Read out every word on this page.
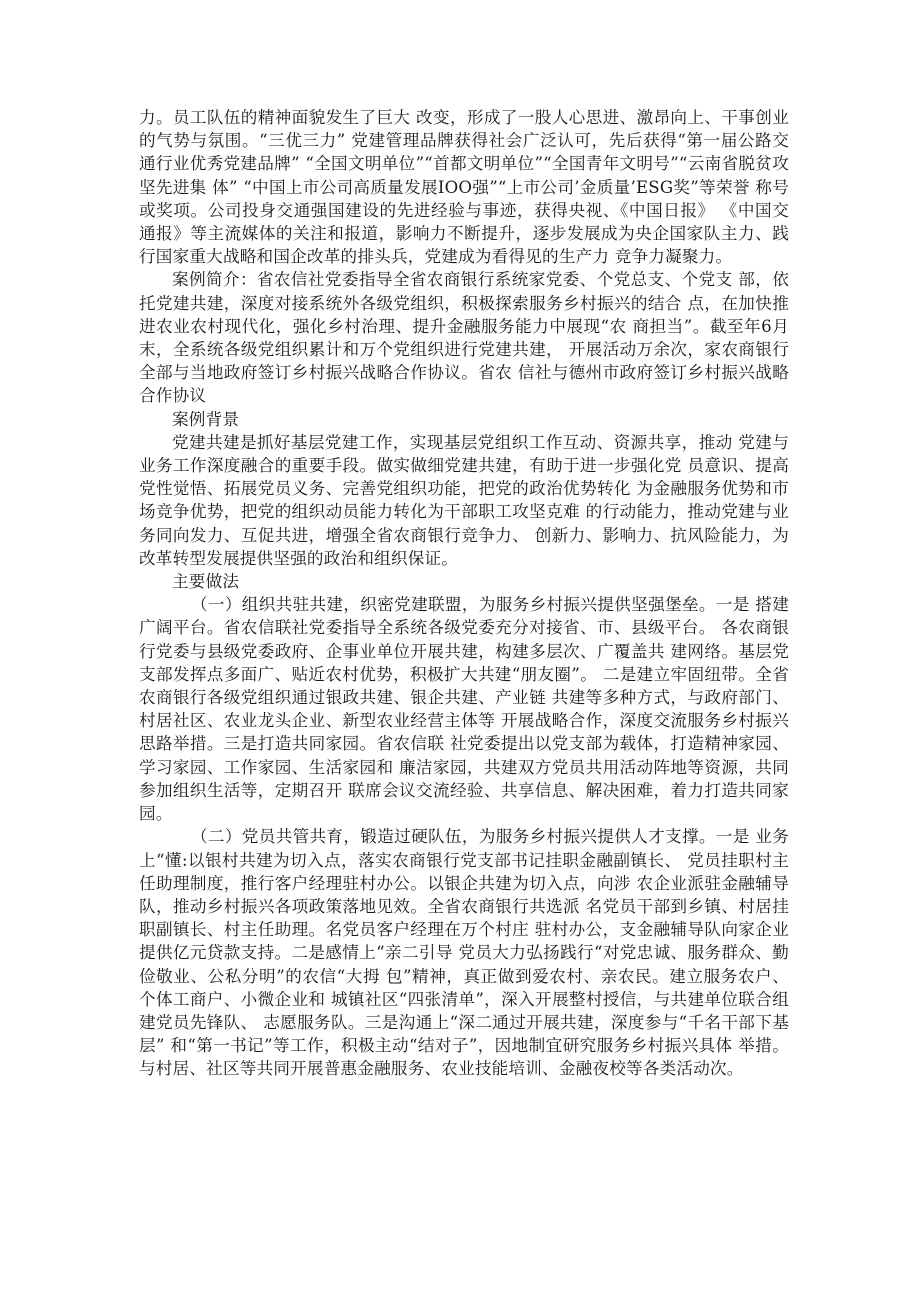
力。员工队伍的精神面貌发生了巨大 改变，形成了一股人心思进、激昂向上、干事创业的气势与氛围。“三优三力” 党建管理品牌获得社会广泛认可，先后获得“第一届公路交通行业优秀党建品牌” “全国文明单位”“首都文明单位”“全国青年文明号”“云南省脱贫攻坚先进集 体” “中国上市公司高质量发展IOO强”“上市公司’金质量’ESG奖”等荣誉 称号或奖项。公司投身交通强国建设的先进经验与事迹，获得央视、《中国日报》 《中国交通报》等主流媒体的关注和报道，影响力不断提升，逐步发展成为央企国家队主力、践行国家重大战略和国企改革的排头兵，党建成为看得见的生产力 竞争力凝聚力。

案例简介：省农信社党委指导全省农商银行系统家党委、个党总支、个党支 部，依托党建共建，深度对接系统外各级党组织，积极探索服务乡村振兴的结合 点，在加快推进农业农村现代化，强化乡村治理、提升金融服务能力中展现“农 商担当”。截至年6月末，全系统各级党组织累计和万个党组织进行党建共建， 开展活动万余次，家农商银行全部与当地政府签订乡村振兴战略合作协议。省农 信社与德州市政府签订乡村振兴战略合作协议

案例背景

党建共建是抓好基层党建工作，实现基层党组织工作互动、资源共享，推动 党建与业务工作深度融合的重要手段。做实做细党建共建，有助于进一步强化党 员意识、提高党性觉悟、拓展党员义务、完善党组织功能，把党的政治优势转化 为金融服务优势和市场竞争优势，把党的组织动员能力转化为干部职工攻坚克难 的行动能力，推动党建与业务同向发力、互促共进，增强全省农商银行竞争力、 创新力、影响力、抗风险能力，为改革转型发展提供坚强的政治和组织保证。

主要做法

（一）组织共驻共建，织密党建联盟，为服务乡村振兴提供坚强堡垒。一是 搭建广阔平台。省农信联社党委指导全系统各级党委充分对接省、市、县级平台。 各农商银行党委与县级党委政府、企事业单位开展共建，构建多层次、广覆盖共 建网络。基层党支部发挥点多面广、贴近农村优势，积极扩大共建“朋友圈”。 二是建立牢固纽带。全省农商银行各级党组织通过银政共建、银企共建、产业链 共建等多种方式，与政府部门、村居社区、农业龙头企业、新型农业经营主体等 开展战略合作，深度交流服务乡村振兴思路举措。三是打造共同家园。省农信联 社党委提出以党支部为载体，打造精神家园、学习家园、工作家园、生活家园和 廉洁家园，共建双方党员共用活动阵地等资源，共同参加组织生活等，定期召开 联席会议交流经验、共享信息、解决困难，着力打造共同家园。

（二）党员共管共育，锻造过硬队伍，为服务乡村振兴提供人才支撑。一是 业务上“懂:以银村共建为切入点，落实农商银行党支部书记挂职金融副镇长、 党员挂职村主任助理制度，推行客户经理驻村办公。以银企共建为切入点，向涉 农企业派驻金融辅导队，推动乡村振兴各项政策落地见效。全省农商银行共选派 名党员干部到乡镇、村居挂职副镇长、村主任助理。名党员客户经理在万个村庄 驻村办公，支金融辅导队向家企业提供亿元贷款支持。二是感情上“亲二引导 党员大力弘扬践行“对党忠诚、服务群众、勤俭敬业、公私分明”的农信“大拇 包”精神，真正做到爱农村、亲农民。建立服务农户、个体工商户、小微企业和 城镇社区“四张清单”，深入开展整村授信，与共建单位联合组建党员先锋队、 志愿服务队。三是沟通上“深二通过开展共建，深度参与“千名干部下基层” 和“第一书记”等工作，积极主动“结对子”，因地制宜研究服务乡村振兴具体 举措。与村居、社区等共同开展普惠金融服务、农业技能培训、金融夜校等各类活动次。
